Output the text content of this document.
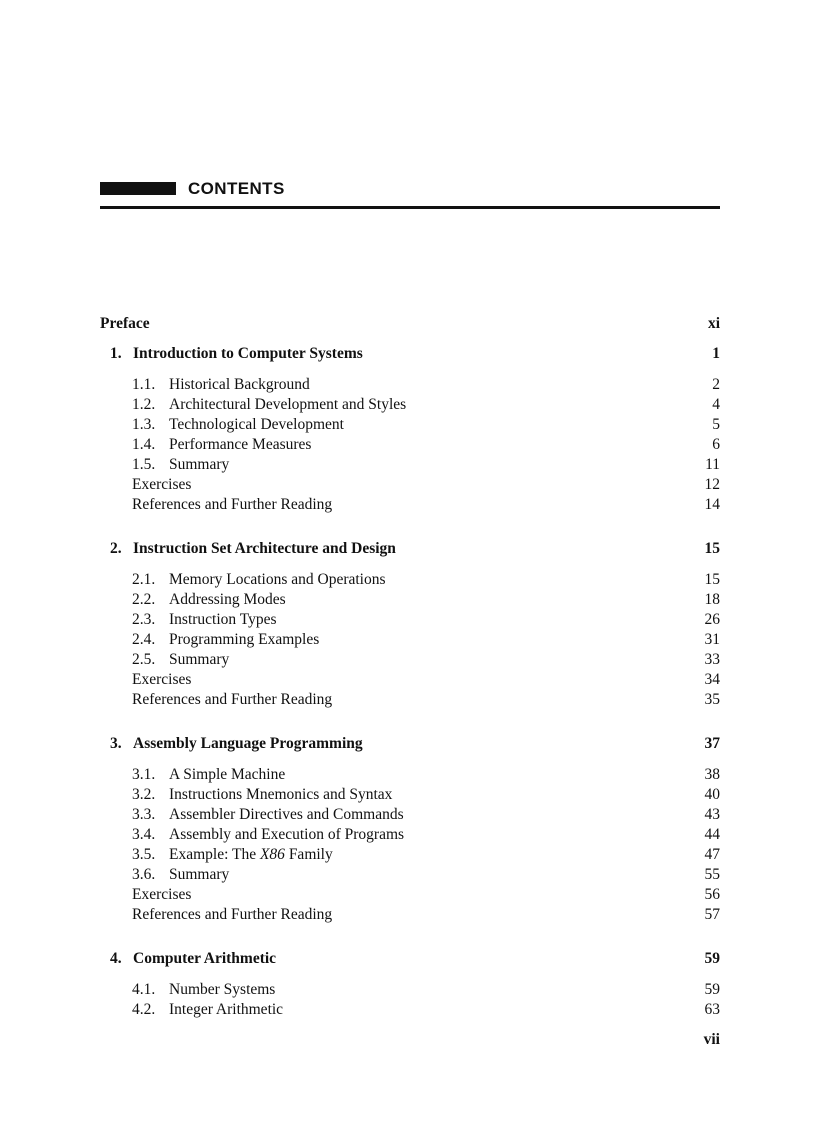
CONTENTS
Preface	xi
1. Introduction to Computer Systems	1
1.1. Historical Background	2
1.2. Architectural Development and Styles	4
1.3. Technological Development	5
1.4. Performance Measures	6
1.5. Summary	11
Exercises	12
References and Further Reading	14
2. Instruction Set Architecture and Design	15
2.1. Memory Locations and Operations	15
2.2. Addressing Modes	18
2.3. Instruction Types	26
2.4. Programming Examples	31
2.5. Summary	33
Exercises	34
References and Further Reading	35
3. Assembly Language Programming	37
3.1. A Simple Machine	38
3.2. Instructions Mnemonics and Syntax	40
3.3. Assembler Directives and Commands	43
3.4. Assembly and Execution of Programs	44
3.5. Example: The X86 Family	47
3.6. Summary	55
Exercises	56
References and Further Reading	57
4. Computer Arithmetic	59
4.1. Number Systems	59
4.2. Integer Arithmetic	63
vii
